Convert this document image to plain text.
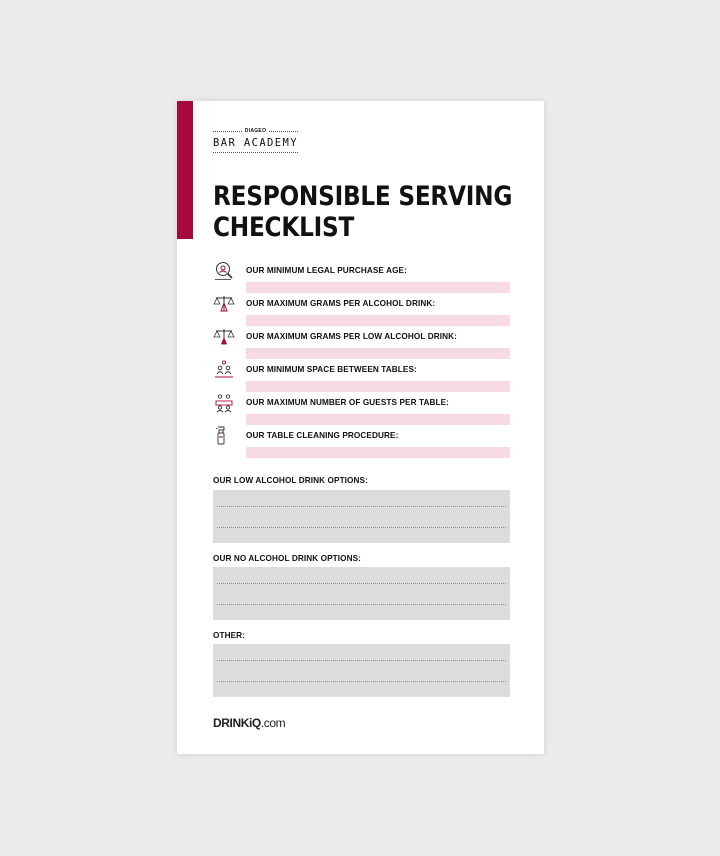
DIAGEO
BAR ACADEMY
RESPONSIBLE SERVING
CHECKLIST
OUR MINIMUM LEGAL PURCHASE AGE:
OUR MAXIMUM GRAMS PER ALCOHOL DRINK:
OUR MAXIMUM GRAMS PER LOW ALCOHOL DRINK:
OUR MINIMUM SPACE BETWEEN TABLES:
OUR MAXIMUM NUMBER OF GUESTS PER TABLE:
OUR TABLE CLEANING PROCEDURE:
OUR LOW ALCOHOL DRINK OPTIONS:
OUR NO ALCOHOL DRINK OPTIONS:
OTHER:
DRINKiQ.com
